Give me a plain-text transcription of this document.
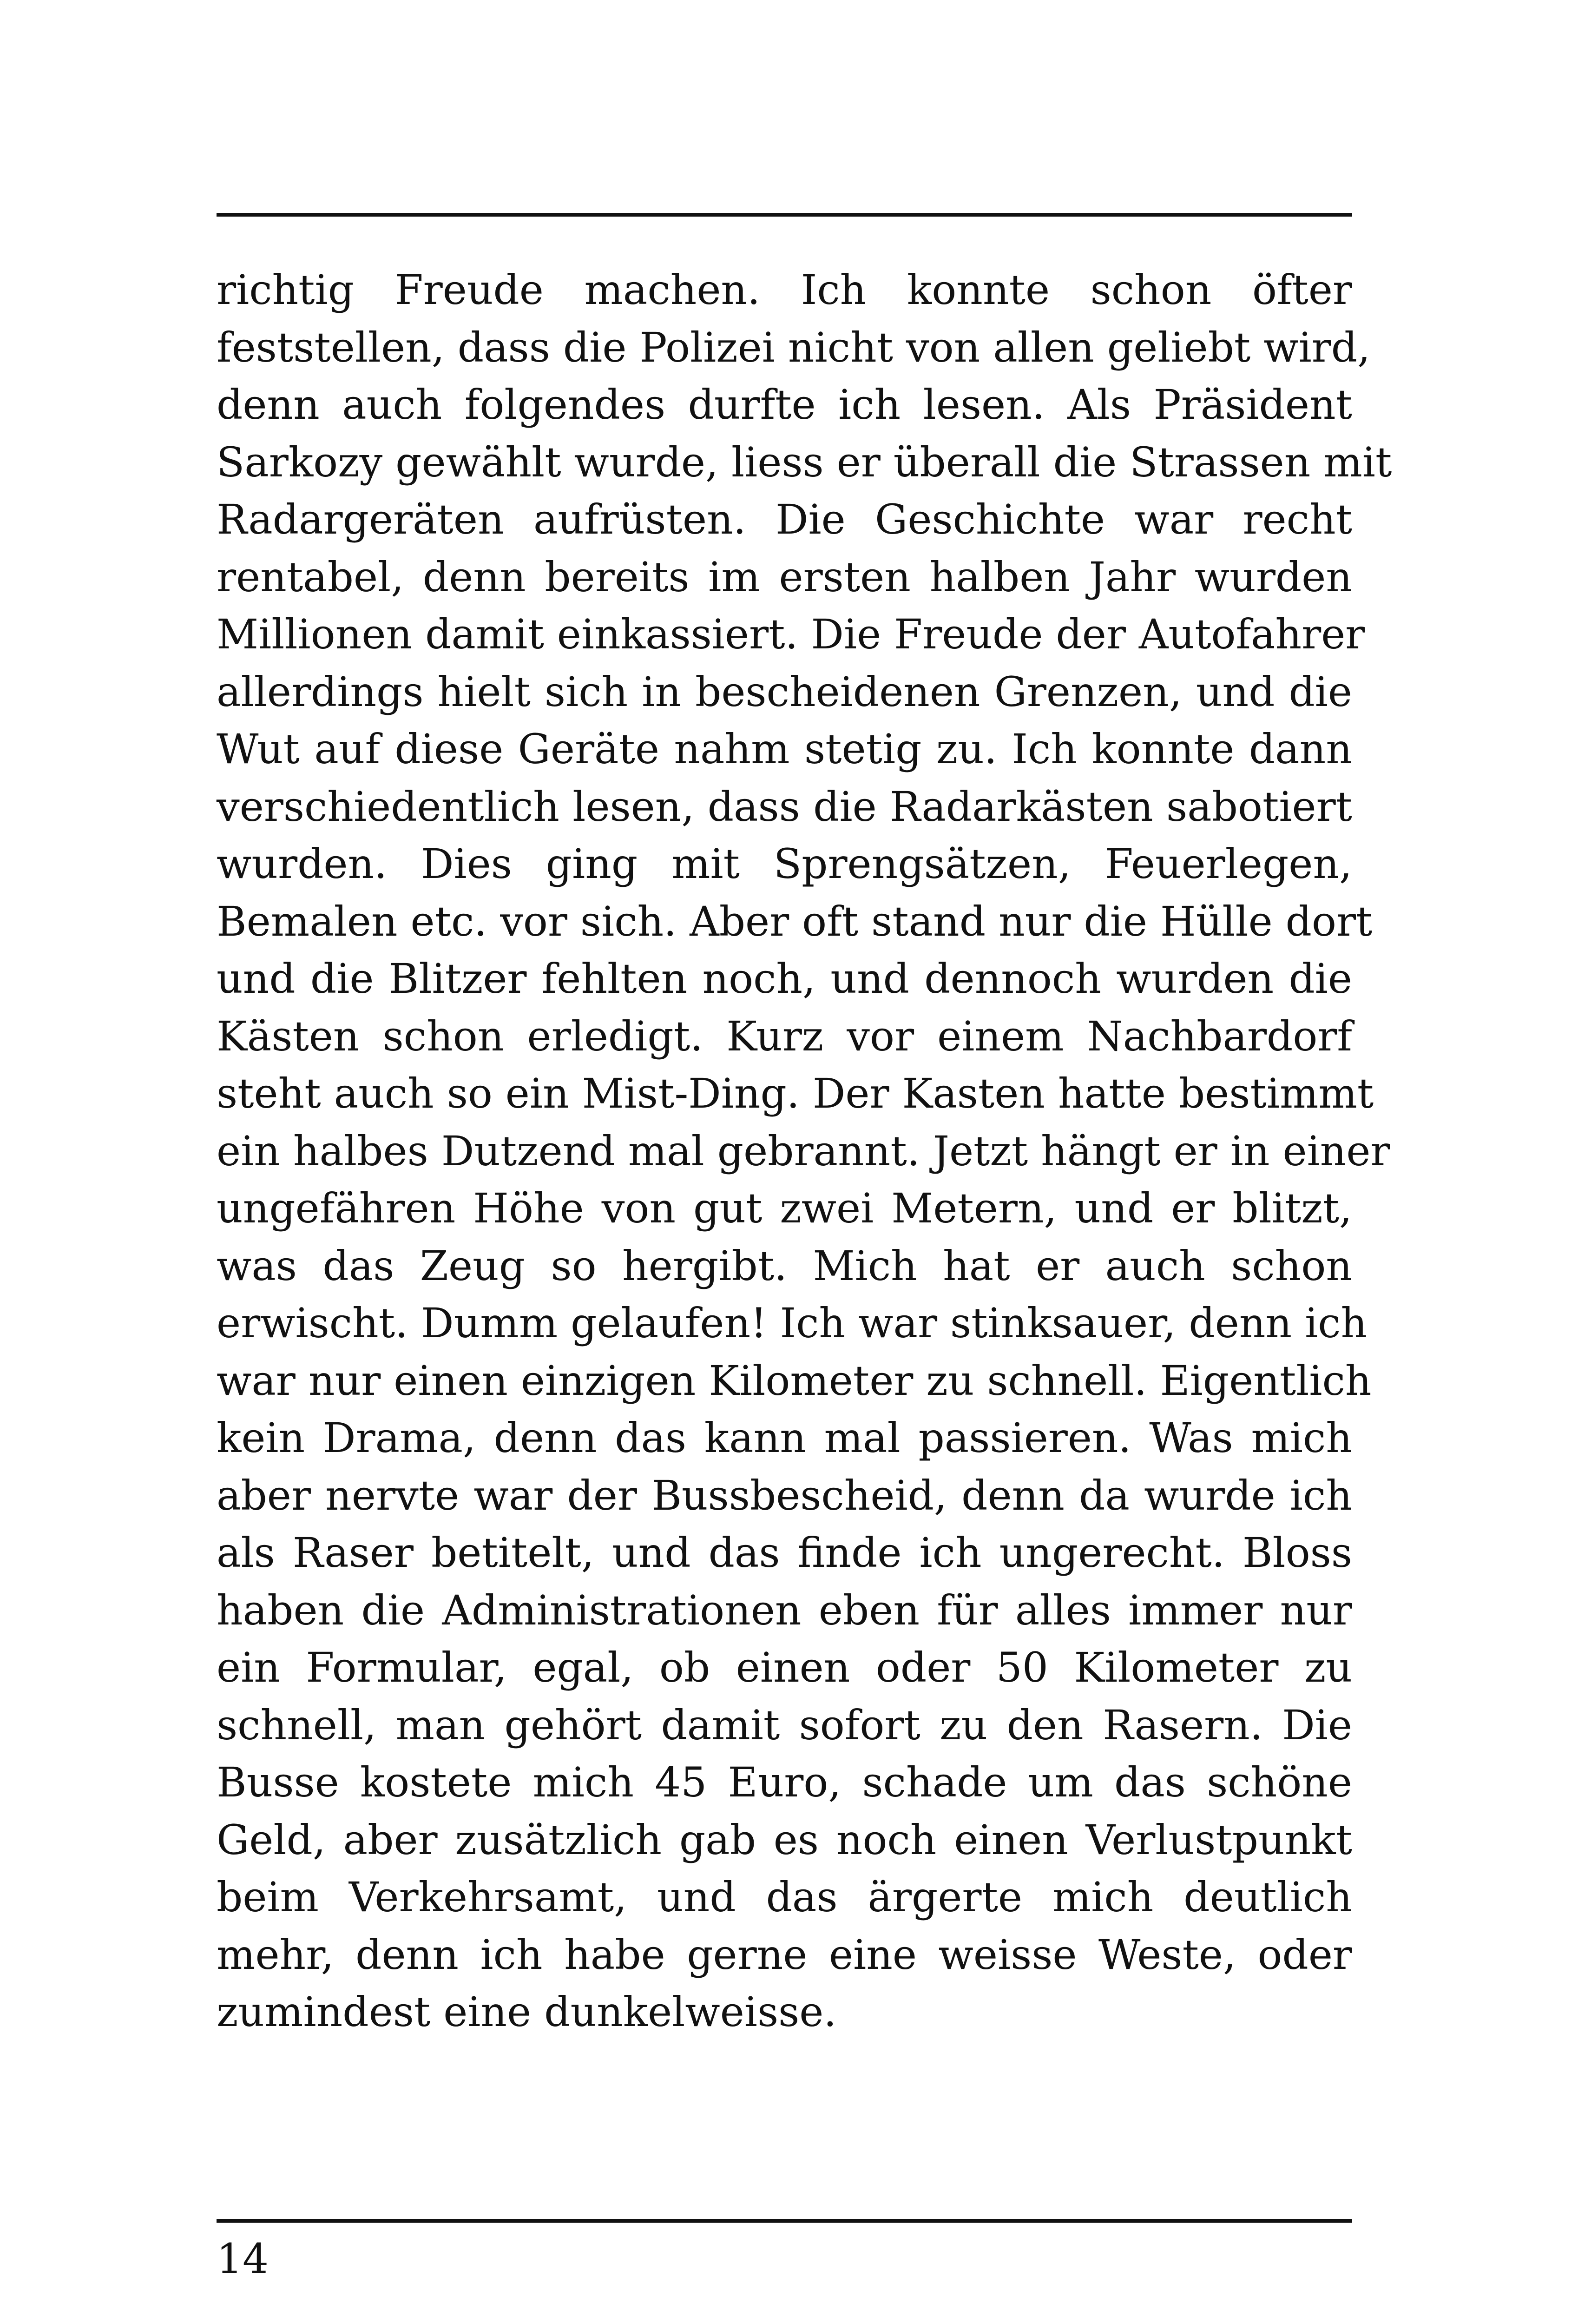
richtig Freude machen. Ich konnte schon öfter
feststellen, dass die Polizei nicht von allen geliebt wird,
denn auch folgendes durfte ich lesen. Als Präsident
Sarkozy gewählt wurde, liess er überall die Strassen mit
Radargeräten aufrüsten. Die Geschichte war recht
rentabel, denn bereits im ersten halben Jahr wurden
Millionen damit einkassiert. Die Freude der Autofahrer
allerdings hielt sich in bescheidenen Grenzen, und die
Wut auf diese Geräte nahm stetig zu. Ich konnte dann
verschiedentlich lesen, dass die Radarkästen sabotiert
wurden. Dies ging mit Sprengsätzen, Feuerlegen,
Bemalen etc. vor sich. Aber oft stand nur die Hülle dort
und die Blitzer fehlten noch, und dennoch wurden die
Kästen schon erledigt. Kurz vor einem Nachbardorf
steht auch so ein Mist-Ding. Der Kasten hatte bestimmt
ein halbes Dutzend mal gebrannt. Jetzt hängt er in einer
ungefähren Höhe von gut zwei Metern, und er blitzt,
was das Zeug so hergibt. Mich hat er auch schon
erwischt. Dumm gelaufen! Ich war stinksauer, denn ich
war nur einen einzigen Kilometer zu schnell. Eigentlich
kein Drama, denn das kann mal passieren. Was mich
aber nervte war der Bussbescheid, denn da wurde ich
als Raser betitelt, und das finde ich ungerecht. Bloss
haben die Administrationen eben für alles immer nur
ein Formular, egal, ob einen oder 50 Kilometer zu
schnell, man gehört damit sofort zu den Rasern. Die
Busse kostete mich 45 Euro, schade um das schöne
Geld, aber zusätzlich gab es noch einen Verlustpunkt
beim Verkehrsamt, und das ärgerte mich deutlich
mehr, denn ich habe gerne eine weisse Weste, oder
zumindest eine dunkelweisse.
14
